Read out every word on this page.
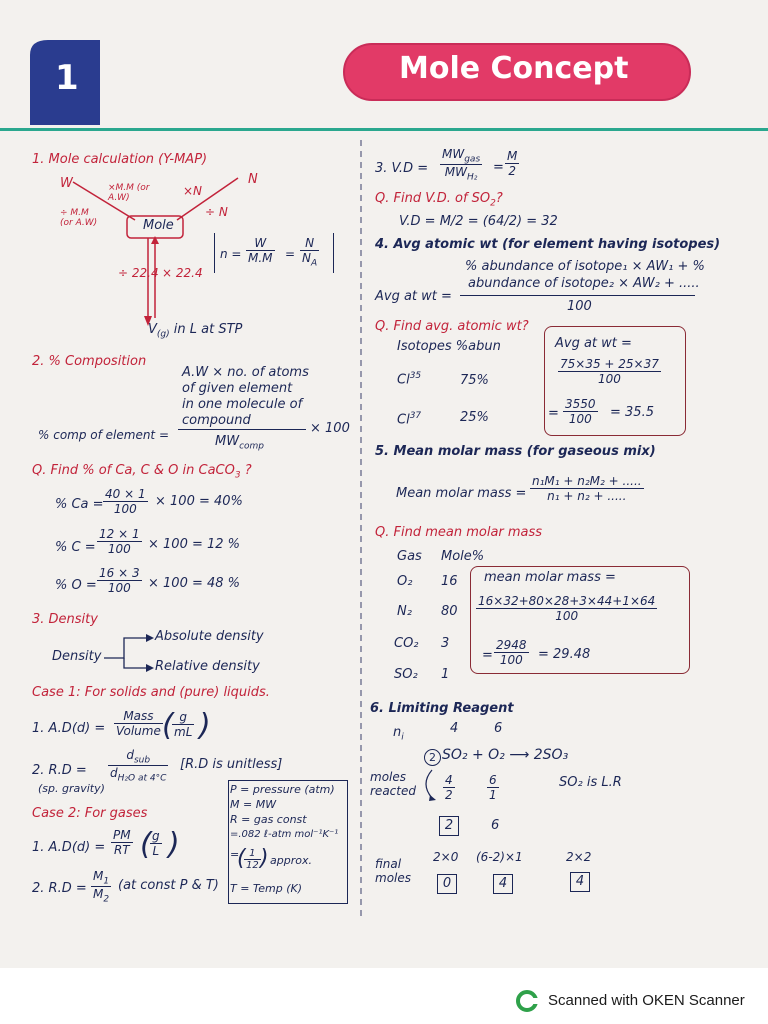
1	Mole Concept
1. Mole calculation (Y-MAP)
W	N
Mole
×M.M (or A.W)
÷ M.M (or A.W)
×N
÷ N
÷ 22.4 × 22.4
$V_{(g)}$ in L at STP
$n = \frac{W}{M.M} = \frac{N}{N_A}$
2. % Composition
A.W × no. of atoms
of given element
in one molecule of
compound
% comp of element =	$MW_{comp}$
× 100
Q. Find % of Ca, C & O in CaCO$_3$ ?
% $Ca = \frac{40 \times 1}{100} \times 100 = 40\%$
% $C = \frac{12 \times 1}{100} \times 100 = 12$ %
% $O = \frac{16 \times 3}{100} \times 100 = 48$ %
3. Density
Density
Absolute density
Relative density
Case 1: For solids and (pure) liquids.
1. A.D(d) =
Mass
Volume (
$\frac{g}{mL}$ )
2. R.D =
$d_{sub}$
$d_{H_2O at 4^\circ C}$
[R.D is unitless]
(sp. gravity)
Case 2: For gases
1. $A.D(d) = \frac{PM}{RT}$ (
$\frac{g}{L}$ )
2. $R.D = \frac{M_1}{M_2} (at$ const P & T)
P = pressure (atm)
M = MW
R = gas const
=.082 ℓ-atm mol⁻¹K⁻¹
=
(
$\frac{1}{12}$ ) approx.
T = Temp (K)
3. V.D =
$MW_{gas}$
$MW_{H_2}$
= $\frac{M}{2}$
Q. Find V.D. of $SO_2$?
V.D = M/2 = (64/2) = 32
4. Avg atomic wt (for element having isotopes)
% abundance of isotope₁ × AW₁ + %
abundance of isotope₂ × AW₂ + .....
Avg at wt =
100
Q. Find avg. atomic wt?
Isotopes %abun
Cl$^{35}$	75%
Cl$^{37}$	25%
Avg at wt =
$\frac{75\times 35 + 25\times 37}{100}$
= $\frac{3550}{100} = 35.5$
5. Mean molar mass (for gaseous mix)
Mean molar mass = $\frac{\text{n₁M₁ + n₂M₂ + .....}}{\text{n₁ + n₂ + .....}}$
Q. Find mean molar mass
Gas Mole%
O₂ 16
N₂ 80
CO₂ 3
SO₂ 1
mean molar mass =
$\frac{16\times 32+80\times 28+3\times 44+1\times 64}{100}$
= $\frac{2948}{100} = 29.48$
6. Limiting Reagent
$n_i$
4	6
2 SO₂ + O₂ ⟶ 2SO₃
moles
reacted $\frac{4}{2}$	$\frac{6}{1}$	SO₂ is L.R
2	6
final
moles
2×0 (6-2)×1	2×2
0	4	4
Scanned with OKEN Scanner
